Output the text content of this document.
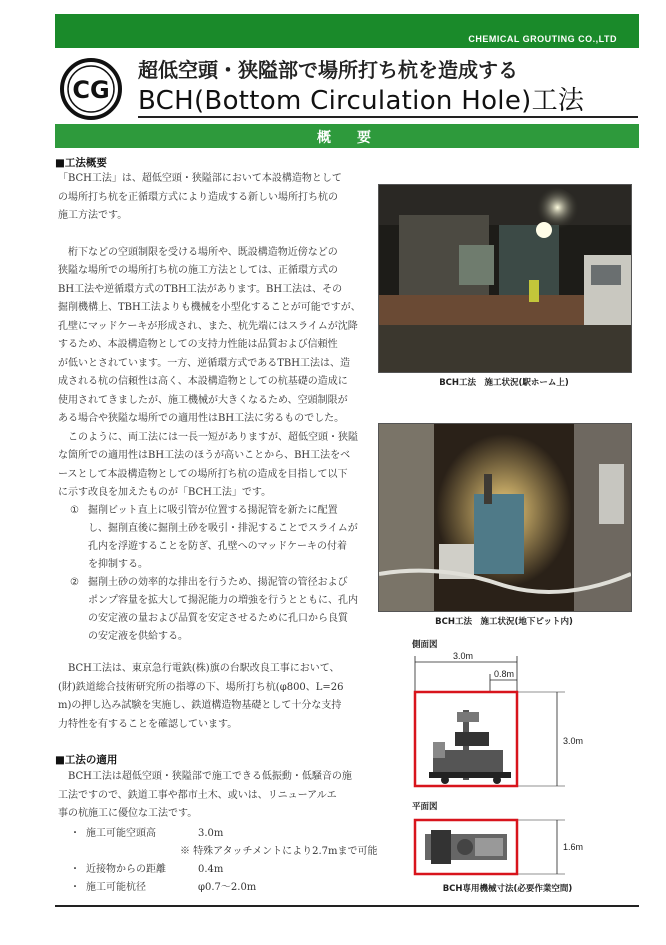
CHEMICAL GROUTING CO.,LTD
CG
超低空頭・狭隘部で場所打ち杭を造成する
BCH(Bottom Circulation Hole)工法
概　要
■工法概要

「BCH工法」は、超低空頭・狭隘部において本設構造物として

の場所打ち杭を正循環方式により造成する新しい場所打ち杭の

施工方法です。

　桁下などの空頭制限を受ける場所や、既設構造物近傍などの

狭隘な場所での場所打ち杭の施工方法としては、正循環方式の

BH工法や逆循環方式のTBH工法があります。BH工法は、その

掘削機構上、TBH工法よりも機械を小型化することが可能ですが、

孔壁にマッドケーキが形成され、また、杭先端にはスライムが沈降

するため、本設構造物としての支持力性能は品質および信頼性

が低いとされています。一方、逆循環方式であるTBH工法は、造

成される杭の信頼性は高く、本設構造物としての杭基礎の造成に

使用されてきましたが、施工機械が大きくなるため、空頭制限が

ある場合や狭隘な場所での適用性はBH工法に劣るものでした。

　このように、両工法には一長一短がありますが、超低空頭・狭隘

な箇所での適用性はBH工法のほうが高いことから、BH工法をベ

ースとして本設構造物としての場所打ち杭の造成を目指して以下

に示す改良を加えたものが「BCH工法」です。

① 掘削ビット直上に吸引管が位置する揚泥管を新たに配置
し、掘削直後に掘削土砂を吸引・排泥することでスライムが
孔内を浮遊することを防ぎ、孔壁へのマッドケーキの付着
を抑制する。
② 掘削土砂の効率的な排出を行うため、揚泥管の管径および
ポンプ容量を拡大して揚泥能力の増強を行うとともに、孔内
の安定液の量および品質を安定させるために孔口から良質
の安定液を供給する。

　BCH工法は、東京急行電鉄(株)旗の台駅改良工事において、

(財)鉄道総合技術研究所の指導の下、場所打ち杭(φ800、L=26

m)の押し込み試験を実施し、鉄道構造物基礎として十分な支持

力特性を有することを確認しています。

■工法の適用

　BCH工法は超低空頭・狭隘部で施工できる低振動・低騒音の施

工法ですので、鉄道工事や都市土木、或いは、リニューアルエ

事の杭施工に優位な工法です。

・ 施工可能空頭高	3.0m
※ 特殊アタッチメントにより2.7mまで可能
・ 近接物からの距離	0.4m
・ 施工可能杭径	φ0.7～2.0m
BCH工法　施工状況(駅ホーム上)
BCH工法　施工状況(地下ピット内)
側面図
3.0m
0.8m
3.0m
平面図
1.6m
BCH専用機械寸法(必要作業空間)
